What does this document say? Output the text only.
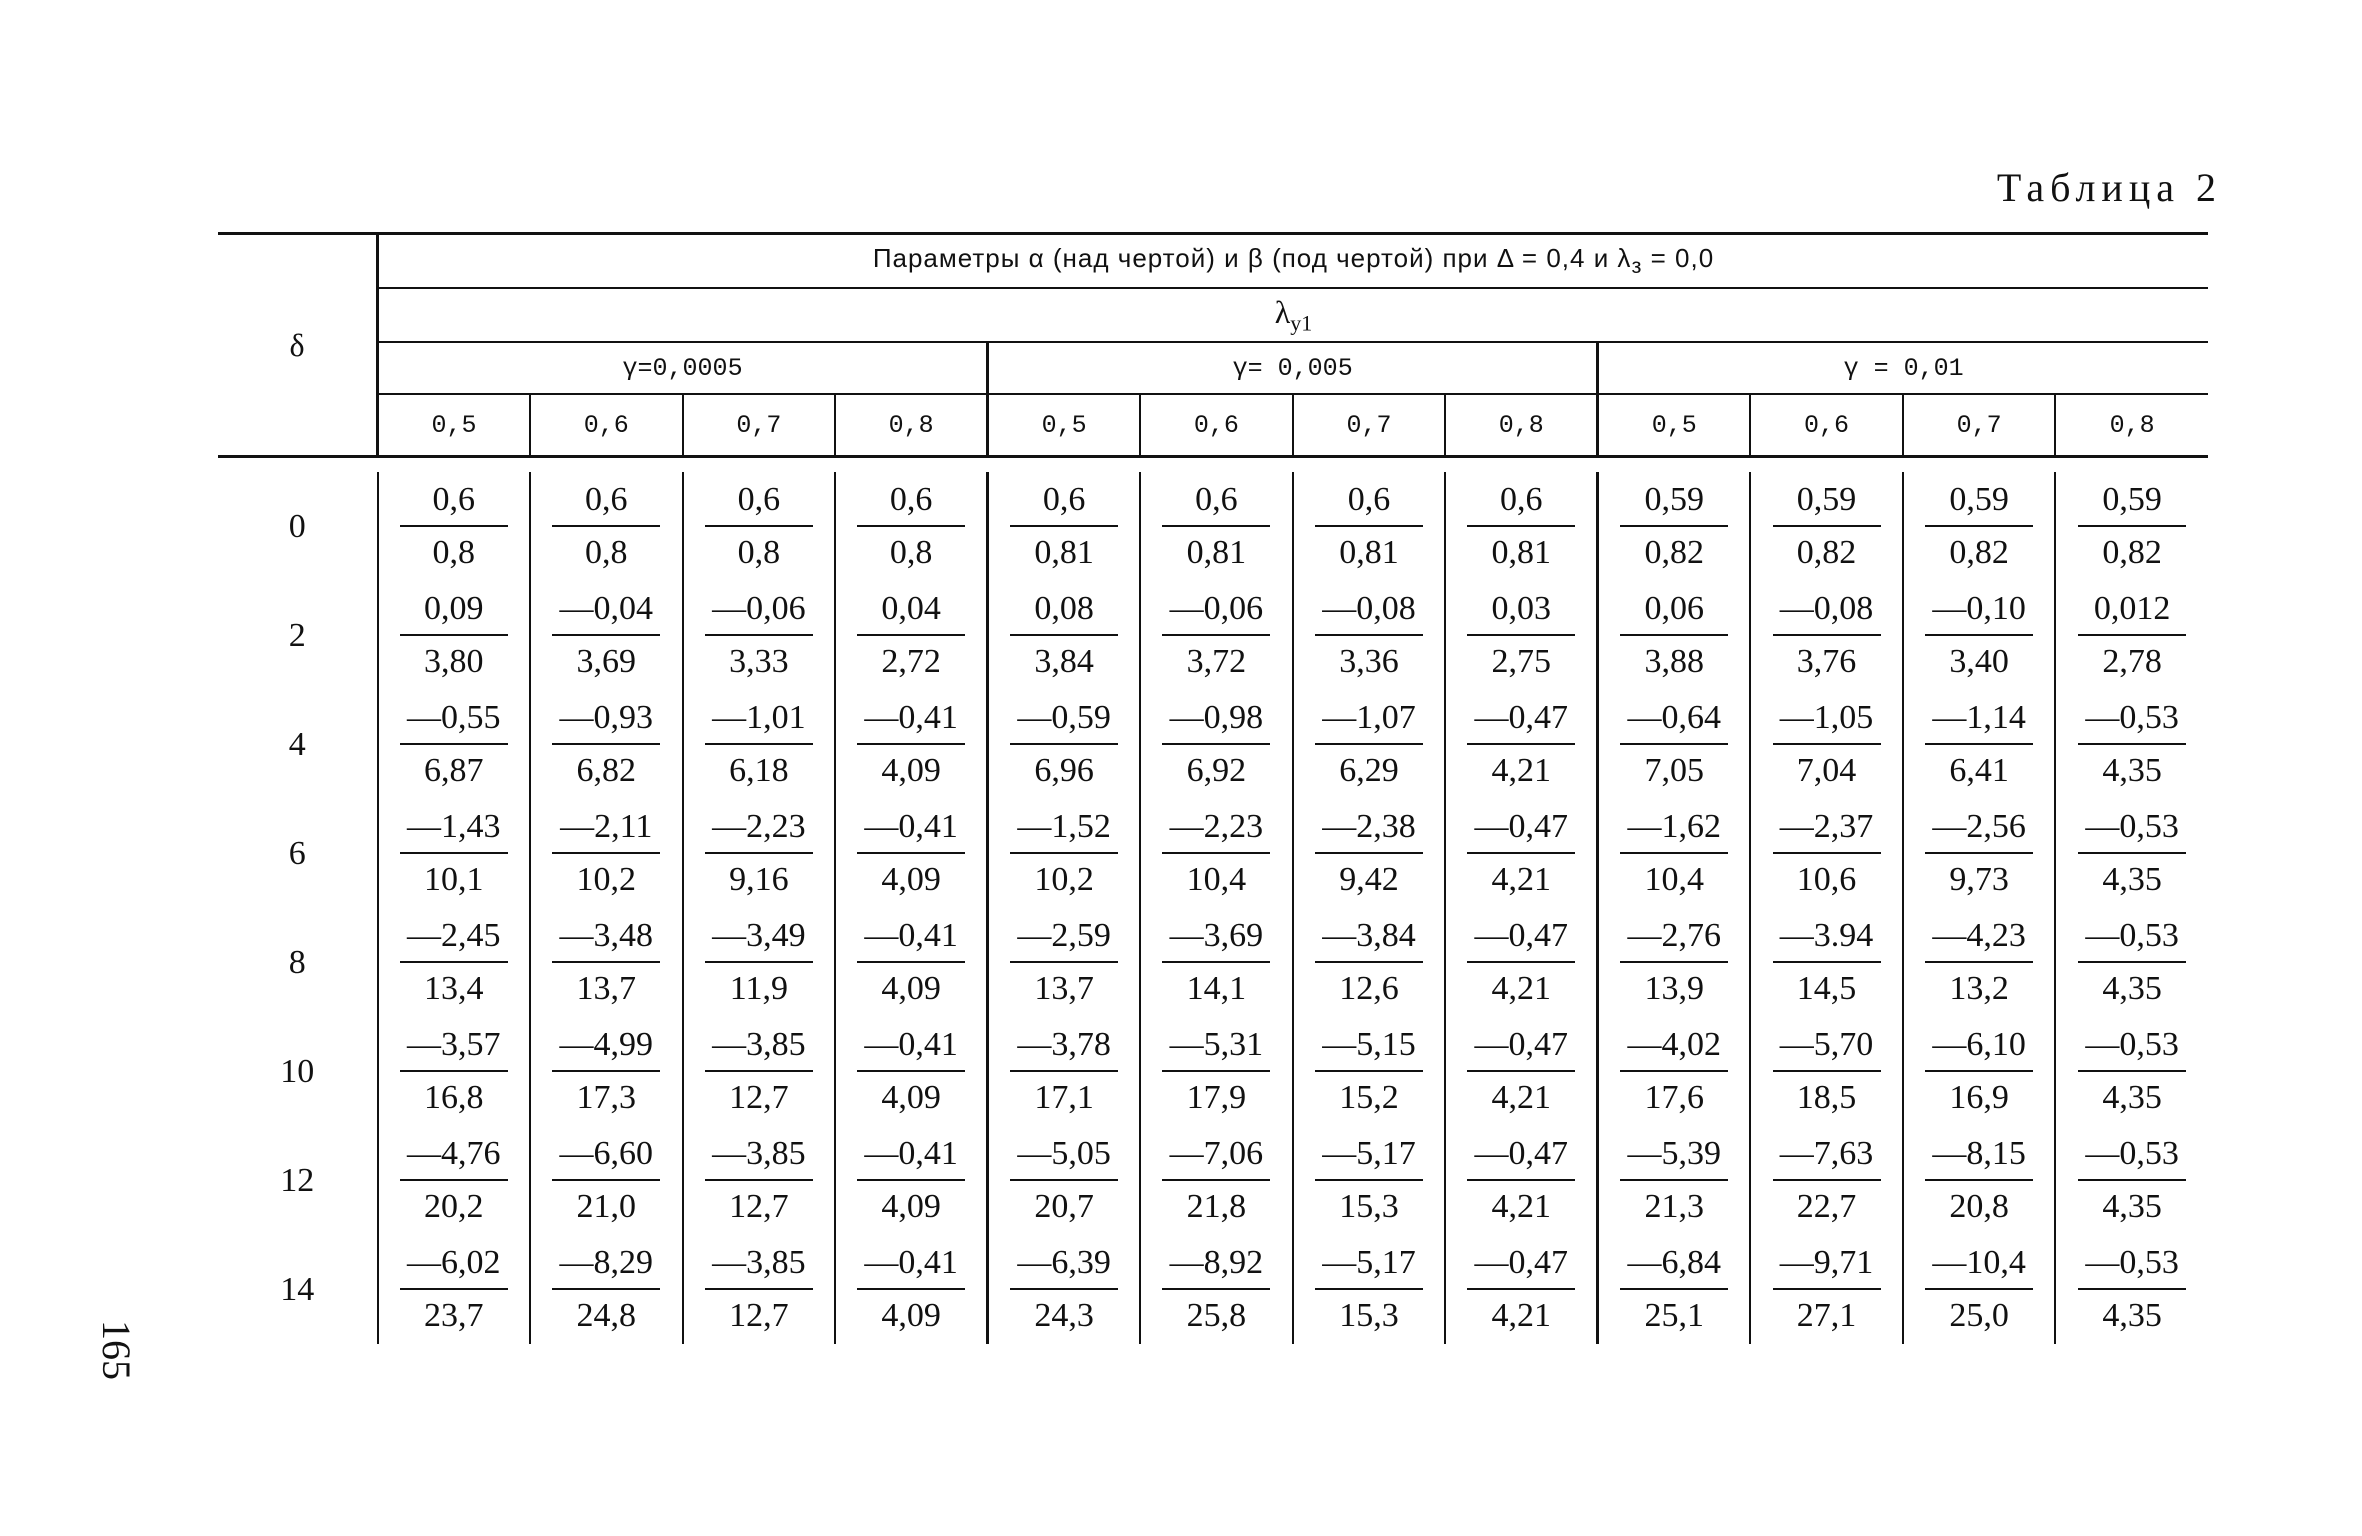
Таблица 2
δ	Параметры α (над чертой) и β (под чертой) при Δ = 0,4 и $\lambda_з = 0,0$											
	$\lambda_{у1}$
	γ=0,0005				γ= 0,005				γ = 0,01			
	0,5	0,6	0,7	0,8	0,5	0,6	0,7	0,8	0,5	0,6	0,7	0,8

0	$\frac{0,6}{0,8}$	$\frac{0,6}{0,8}$	$\frac{0,6}{0,8}$	$\frac{0,6}{0,8}$	$\frac{0,6}{0,81}$	$\frac{0,6}{0,81}$	$\frac{0,6}{0,81}$	$\frac{0,6}{0,81}$	$\frac{0,59}{0,82}$	$\frac{0,59}{0,82}$	$\frac{0,59}{0,82}$	$\frac{0,59}{0,82}$

2	$\frac{0,09}{3,80}$	$\frac{—0,04}{3,69}$	$\frac{—0,06}{3,33}$	$\frac{0,04}{2,72}$	$\frac{0,08}{3,84}$	$\frac{—0,06}{3,72}$	$\frac{—0,08}{3,36}$	$\frac{0,03}{2,75}$	$\frac{0,06}{3,88}$	$\frac{—0,08}{3,76}$	$\frac{—0,10}{3,40}$	$\frac{0,012}{2,78}$

4	$\frac{—0,55}{6,87}$	$\frac{—0,93}{6,82}$	$\frac{—1,01}{6,18}$	$\frac{—0,41}{4,09}$	$\frac{—0,59}{6,96}$	$\frac{—0,98}{6,92}$	$\frac{—1,07}{6,29}$	$\frac{—0,47}{4,21}$	$\frac{—0,64}{7,05}$	$\frac{—1,05}{7,04}$	$\frac{—1,14}{6,41}$	$\frac{—0,53}{4,35}$

6	$\frac{—1,43}{10,1}$	$\frac{—2,11}{10,2}$	$\frac{—2,23}{9,16}$	$\frac{—0,41}{4,09}$	$\frac{—1,52}{10,2}$	$\frac{—2,23}{10,4}$	$\frac{—2,38}{9,42}$	$\frac{—0,47}{4,21}$	$\frac{—1,62}{10,4}$	$\frac{—2,37}{10,6}$	$\frac{—2,56}{9,73}$	$\frac{—0,53}{4,35}$

8	$\frac{—2,45}{13,4}$	$\frac{—3,48}{13,7}$	$\frac{—3,49}{11,9}$	$\frac{—0,41}{4,09}$	$\frac{—2,59}{13,7}$	$\frac{—3,69}{14,1}$	$\frac{—3,84}{12,6}$	$\frac{—0,47}{4,21}$	$\frac{—2,76}{13,9}$	$\frac{—3.94}{14,5}$	$\frac{—4,23}{13,2}$	$\frac{—0,53}{4,35}$

10	$\frac{—3,57}{16,8}$	$\frac{—4,99}{17,3}$	$\frac{—3,85}{12,7}$	$\frac{—0,41}{4,09}$	$\frac{—3,78}{17,1}$	$\frac{—5,31}{17,9}$	$\frac{—5,15}{15,2}$	$\frac{—0,47}{4,21}$	$\frac{—4,02}{17,6}$	$\frac{—5,70}{18,5}$	$\frac{—6,10}{16,9}$	$\frac{—0,53}{4,35}$

12	$\frac{—4,76}{20,2}$	$\frac{—6,60}{21,0}$	$\frac{—3,85}{12,7}$	$\frac{—0,41}{4,09}$	$\frac{—5,05}{20,7}$	$\frac{—7,06}{21,8}$	$\frac{—5,17}{15,3}$	$\frac{—0,47}{4,21}$	$\frac{—5,39}{21,3}$	$\frac{—7,63}{22,7}$	$\frac{—8,15}{20,8}$	$\frac{—0,53}{4,35}$

14	$\frac{—6,02}{23,7}$	$\frac{—8,29}{24,8}$	$\frac{—3,85}{12,7}$	$\frac{—0,41}{4,09}$	$\frac{—6,39}{24,3}$	$\frac{—8,92}{25,8}$	$\frac{—5,17}{15,3}$	$\frac{—0,47}{4,21}$	$\frac{—6,84}{25,1}$	$\frac{—9,71}{27,1}$	$\frac{—10,4}{25,0}$	$\frac{—0,53}{4,35}$
165
